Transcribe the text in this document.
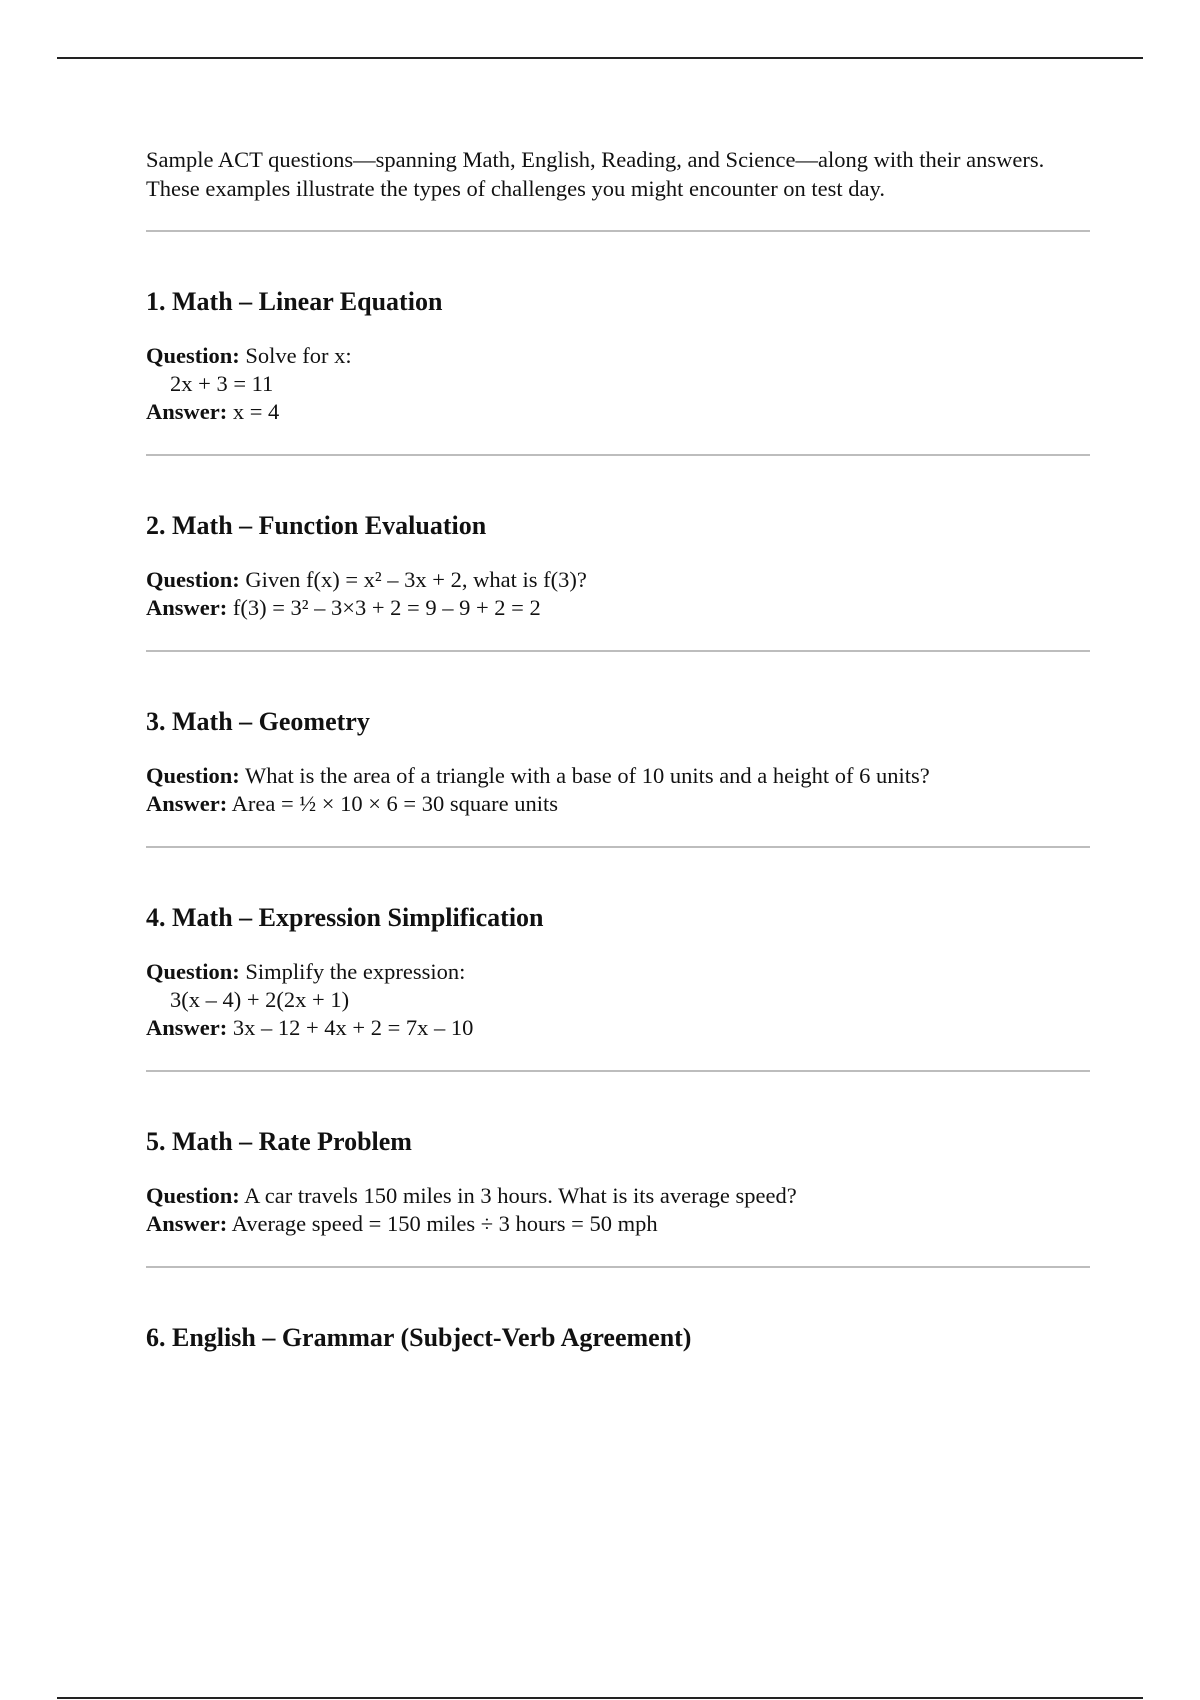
Sample ACT questions—spanning Math, English, Reading, and Science—along with their answers. These examples illustrate the types of challenges you might encounter on test day.

1. Math – Linear Equation
Question: Solve for x:
2x + 3 = 11
Answer: x = 4
2. Math – Function Evaluation
Question: Given f(x) = x² – 3x + 2, what is f(3)?
Answer: f(3) = 3² – 3×3 + 2 = 9 – 9 + 2 = 2
3. Math – Geometry
Question: What is the area of a triangle with a base of 10 units and a height of 6 units?
Answer: Area = ½ × 10 × 6 = 30 square units
4. Math – Expression Simplification
Question: Simplify the expression:
3(x – 4) + 2(2x + 1)
Answer: 3x – 12 + 4x + 2 = 7x – 10
5. Math – Rate Problem
Question: A car travels 150 miles in 3 hours. What is its average speed?
Answer: Average speed = 150 miles ÷ 3 hours = 50 mph
6. English – Grammar (Subject-Verb Agreement)
